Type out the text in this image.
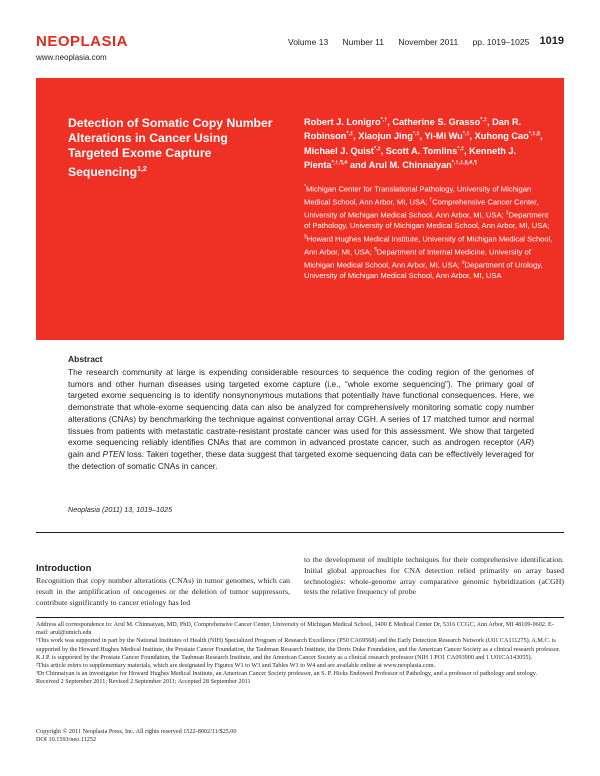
NEOPLASIA
www.neoplasia.com
Volume 13 Number 11 November 2011 pp. 1019–1025 1019
Detection of Somatic Copy Number Alterations in Cancer Using Targeted Exome Capture Sequencing$^{1,2}$
Robert J. Lonigro*,†, Catherine S. Grasso*,‡, Dan R. Robinson*,‡, Xiaojun Jing*,‡, Yi-Mi Wu*,‡, Xuhong Cao*,‡,§, Michael J. Quist*,‡, Scott A. Tomlins*,‡, Kenneth J. Pienta*,†,¶,# and Arul M. Chinnaiyan*,†,‡,§,#,¶
*Michigan Center for Translational Pathology, University of Michigan Medical School, Ann Arbor, MI, USA; †Comprehensive Cancer Center, University of Michigan Medical School, Ann Arbor, MI, USA; ‡Department of Pathology, University of Michigan Medical School, Ann Arbor, MI, USA; §Howard Hughes Medical Institute, University of Michigan Medical School, Ann Arbor, MI, USA; ¶Department of Internal Medicine, University of Michigan Medical School, Ann Arbor, MI, USA; #Department of Urology, University of Michigan Medical School, Ann Arbor, MI, USA
Abstract
The research community at large is expending considerable resources to sequence the coding region of the genomes of tumors and other human diseases using targeted exome capture (i.e., “whole exome sequencing”). The primary goal of targeted exome sequencing is to identify nonsynonymous mutations that potentially have functional consequences. Here, we demonstrate that whole-exome sequencing data can also be analyzed for comprehensively monitoring somatic copy number alterations (CNAs) by benchmarking the technique against conventional array CGH. A series of 17 matched tumor and normal tissues from patients with metastatic castrate-resistant prostate cancer was used for this assessment. We show that targeted exome sequencing reliably identifies CNAs that are common in advanced prostate cancer, such as androgen receptor (AR) gain and PTEN loss. Taken together, these data suggest that targeted exome sequencing data can be effectively leveraged for the detection of somatic CNAs in cancer.
Neoplasia (2011) 13, 1019–1025
Introduction
Recognition that copy number alterations (CNAs) in tumor genomes, which can result in the amplification of oncogenes or the deletion of tumor suppressors, contribute significantly to cancer etiology has led
to the development of multiple techniques for their comprehensive identification. Initial global approaches for CNA detection relied primarily on array based technologies: whole-genome array comparative genomic hybridization (aCGH) tests the relative frequency of probe

Address all correspondence to: Arul M. Chinnaiyan, MD, PhD, Comprehensive Cancer Center, University of Michigan Medical School, 1400 E Medical Center Dr, 5316 CCGC, Ann Arbor, MI 48109-0602. E-mail: arul@umich.edu

¹This work was supported in part by the National Institutes of Health (NIH) Specialized Program of Research Excellence (P50 CA69568) and the Early Detection Research Network (U01 CA111275). A.M.C. is supported by the Howard Hughes Medical Institute, the Prostate Cancer Foundation, the Taubman Research Institute, the Doris Duke Foundation, and the American Cancer Society as a clinical research professor. K.J.P. is supported by the Prostate Cancer Foundation, the Taubman Research Institute, and the American Cancer Society as a clinical research professor (NIH 1 PO1 CA093900 and 1 U01CA143055).

²This article refers to supplementary materials, which are designated by Figures W1 to W3 and Tables W1 to W4 and are available online at www.neoplasia.com.

³Dr Chinnaiyan is an investigator for Howard Hughes Medical Institute, an American Cancer Society professor, an S. P. Hicks Endowed Professor of Pathology, and a professor of pathology and urology.

Received 2 September 2011; Revised 2 September 2011; Accepted 28 September 2011

Copyright © 2011 Neoplasia Press, Inc. All rights reserved 1522-8002/11/$25.00
DOI 10.1593/neo.11252
